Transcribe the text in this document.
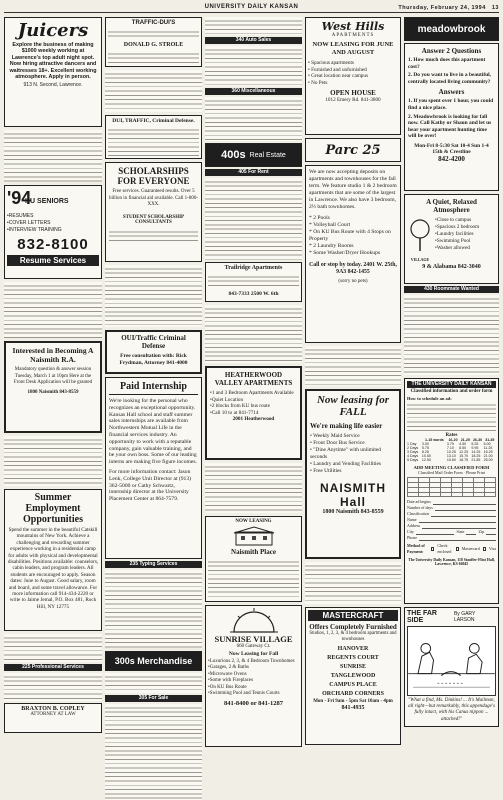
UNIVERSITY DAILY KANSAN	Thursday, February 24, 1994 13
Juicers
Explore the business of making $1000 weekly working at Lawrence's top adult night spot. Now hiring attractive dancers and waitresses 18+. Excellent working atmosphere. Apply in person.
913 N. Second, Lawrence.
'94
KU SENIORS
•RESUMES
•COVER LETTERS
•INTERVIEW TRAINING
832-8100
Resume Services
Interested in Becoming A Naismith R.A.
Mandatory question & answer session Tuesday, March 1 at 10pm Here at the Front Desk Application will be granted
1800 Naismith 843-8559
Summer Employment Opportunities
Spend the summer in the beautiful Catskill mountains of New York. Achieve a challenging and rewarding summer experience working in a residential camp for adults with physical and developmental disabilities. Positions available: counselors, cabin leaders, and program leaders. All students are encouraged to apply. Season dates: June to August. Good salary, room and board, and some travel allowance. For more information call 914-434-2220 or write to Jaime Jemal, P.O. Box 481, Rock Hill, NY 12775
225 Professional Services
BRAXTON B. COPLEY
ATTORNEY AT LAW
TRAFFIC-DUI'S
DONALD G. STROLE
DUI, TRAFFIC, Criminal Defense.
SCHOLARSHIPS FOR EVERYONE
Free services. Guaranteed results. Over 5 billion in financial aid available. Call 1-800-XXX.
STUDENT SCHOLARSHIP CONSULTANTS
OUI/Traffic Criminal Defense
Free consultation with: Rick Frydman, Attorney 841-4000
Paid Internship
We're looking for the personal who recognizes an exceptional opportunity. Kansas Hall school and staff summer sales internships are available from Northwestern Mutual Life in the financial services industry. An opportunity to work with a reputable company, gain valuable training, and be your own boss. Some of our leading interns are making five figure incomes.
For more information contact: Jason Lenk, College Unit Director at (913) 362-5000 or Cathy Schwartz, internship director at the University Placement Center at 864-7579.
235 Typing Services
300s Merchandise
305 For Sale
340 Auto Sales
360 Miscellaneous
400s Real Estate
405 For Rent
Trailridge Apartments
843-7333 2500 W. 6th
HEATHERWOOD VALLEY APARTMENTS
•1 and 3 Bedroom Apartments Available
•Quiet Location
•2 blocks from KU bus route
•Call 10 to at 841-7714
2001 Heatherwood
NOW LEASING
Naismith Place
SUNRISE VILLAGE
660 Gateway Ct.
Now Leasing for Fall
•Luxurious 2, 3, & 4 Bedroom Townhomes
•Garages, 2 & Baths
•Microwave Ovens
•Some with Fireplaces
•On KU Bus Route
•Swimming Pool and Tennis Courts
841-8400 or 841-1287
West Hills
APARTMENTS
NOW LEASING FOR JUNE AND AUGUST
• Spacious apartments
• Furnished and unfurnished
• Great location near campus
• No Pets
OPEN HOUSE
1012 Emery Rd. 841-3800
Parc 25
We are now accepting deposits on apartments and townhouses for the fall term. We feature studio 1 & 2 bedroom apartments that are some of the largest in Lawrence. We also have 3 bedroom, 2½ bath townhomes.
* 2 Pools
* Volleyball Court
* On KU Bus Route with 4 Stops on Property
* 2 Laundry Rooms
* Some Washer/Dryer Hookups
Call or stop by today. 2401 W. 25th, 9A3 842-1455
(sorry no pets)
Now leasing for FALL
We're making life easier
• Weekly Maid Service
• Front Door Bus Service
• "Dine Anytime" with unlimited seconds
• Laundry and Vending Facilities
• Free Utilities
NAISMITH Hall
1800 Naismith 843-8559
MASTERCRAFT
Offers Completely Furnished
Studios, 1, 2, 3, & 4 bedroom apartments and townhouses
HANOVER
REGENTS COURT
SUNRISE
TANGLEWOOD
CAMPUS PLACE
ORCHARD CORNERS
Mon - Fri 9am - 5pm Sat 10am - 4pm
841-4935
meadowbrook
Answer 2 Questions
1. How much does this apartment cost?
2. Do you want to live in a beautiful, centrally located living community?
Answers
1. If you spent over 1 hour, you could find a nice place.
2. Meadowbrook is looking for fall now. Call Kathy or Shaun and let us hear your apartment hunting time will be over!
Mon-Fri 8-5:30 Sat 10-4 Sun 1-4
15th & Crestline
842-4200
A Quiet, Relaxed Atmosphere
VILLAGE
•Close to campus
•Spacious 2 bedroom
•Laundry facilities
•Swimming Pool
•Washer allowed
9 & Alabama 842-3040
430 Roommate Wanted
THE UNIVERSITY DAILY KANSAN
Classified information and order form
How to schedule an ad:
Rates
	1-15 words	16-20	21-25	26-30	31-35
1 Day	3.00	3.75	4.50	5.25	6.00
2 Days	5.75	7.10	8.50	9.95	11.25
3 Days	8.25	10.25	12.25	14.25	16.25
4 Days	10.50	13.10	15.70	18.25	21.00
5 Days	12.50	15.60	18.75	21.85	25.00
ADD MEETING CLASSIFIED FORM
Classified Mail Order Form · Please Print
Date ad begins
Number of days
Classification
Name
Address
City	State	Zip
Phone
Method of Payment:
Check enclosed
Mastercard Visa
The University Daily Kansan, 118 Stauffer-Flint Hall, Lawrence, KS 66045
THE FAR SIDE
By GARY LARSON
"What a find, Ms. Dinkins! ... It's Mailman, all right—but remarkably, this appendage's fully intact, with his Canus nippon ... attached!"
